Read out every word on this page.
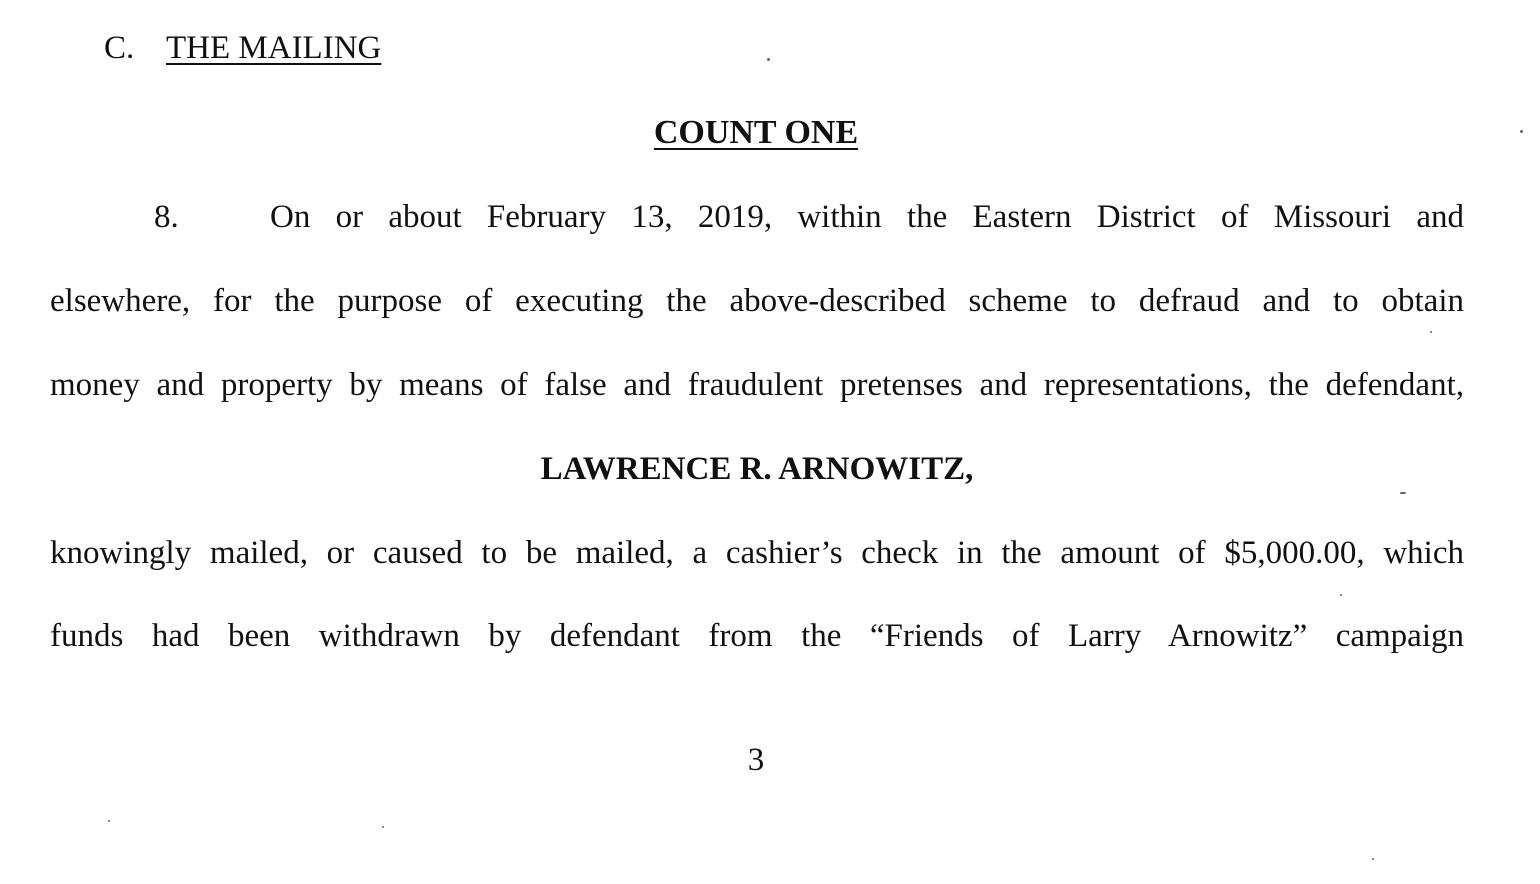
C. THE MAILING
COUNT ONE
8.	On or about February 13, 2019, within the Eastern District of Missouri and
elsewhere, for the purpose of executing the above-described scheme to defraud and to obtain
money and property by means of false and fraudulent pretenses and representations, the defendant,
LAWRENCE R. ARNOWITZ,
knowingly mailed, or caused to be mailed, a cashier’s check in the amount of $5,000.00, which
funds had been withdrawn by defendant from the “Friends of Larry Arnowitz” campaign
3
